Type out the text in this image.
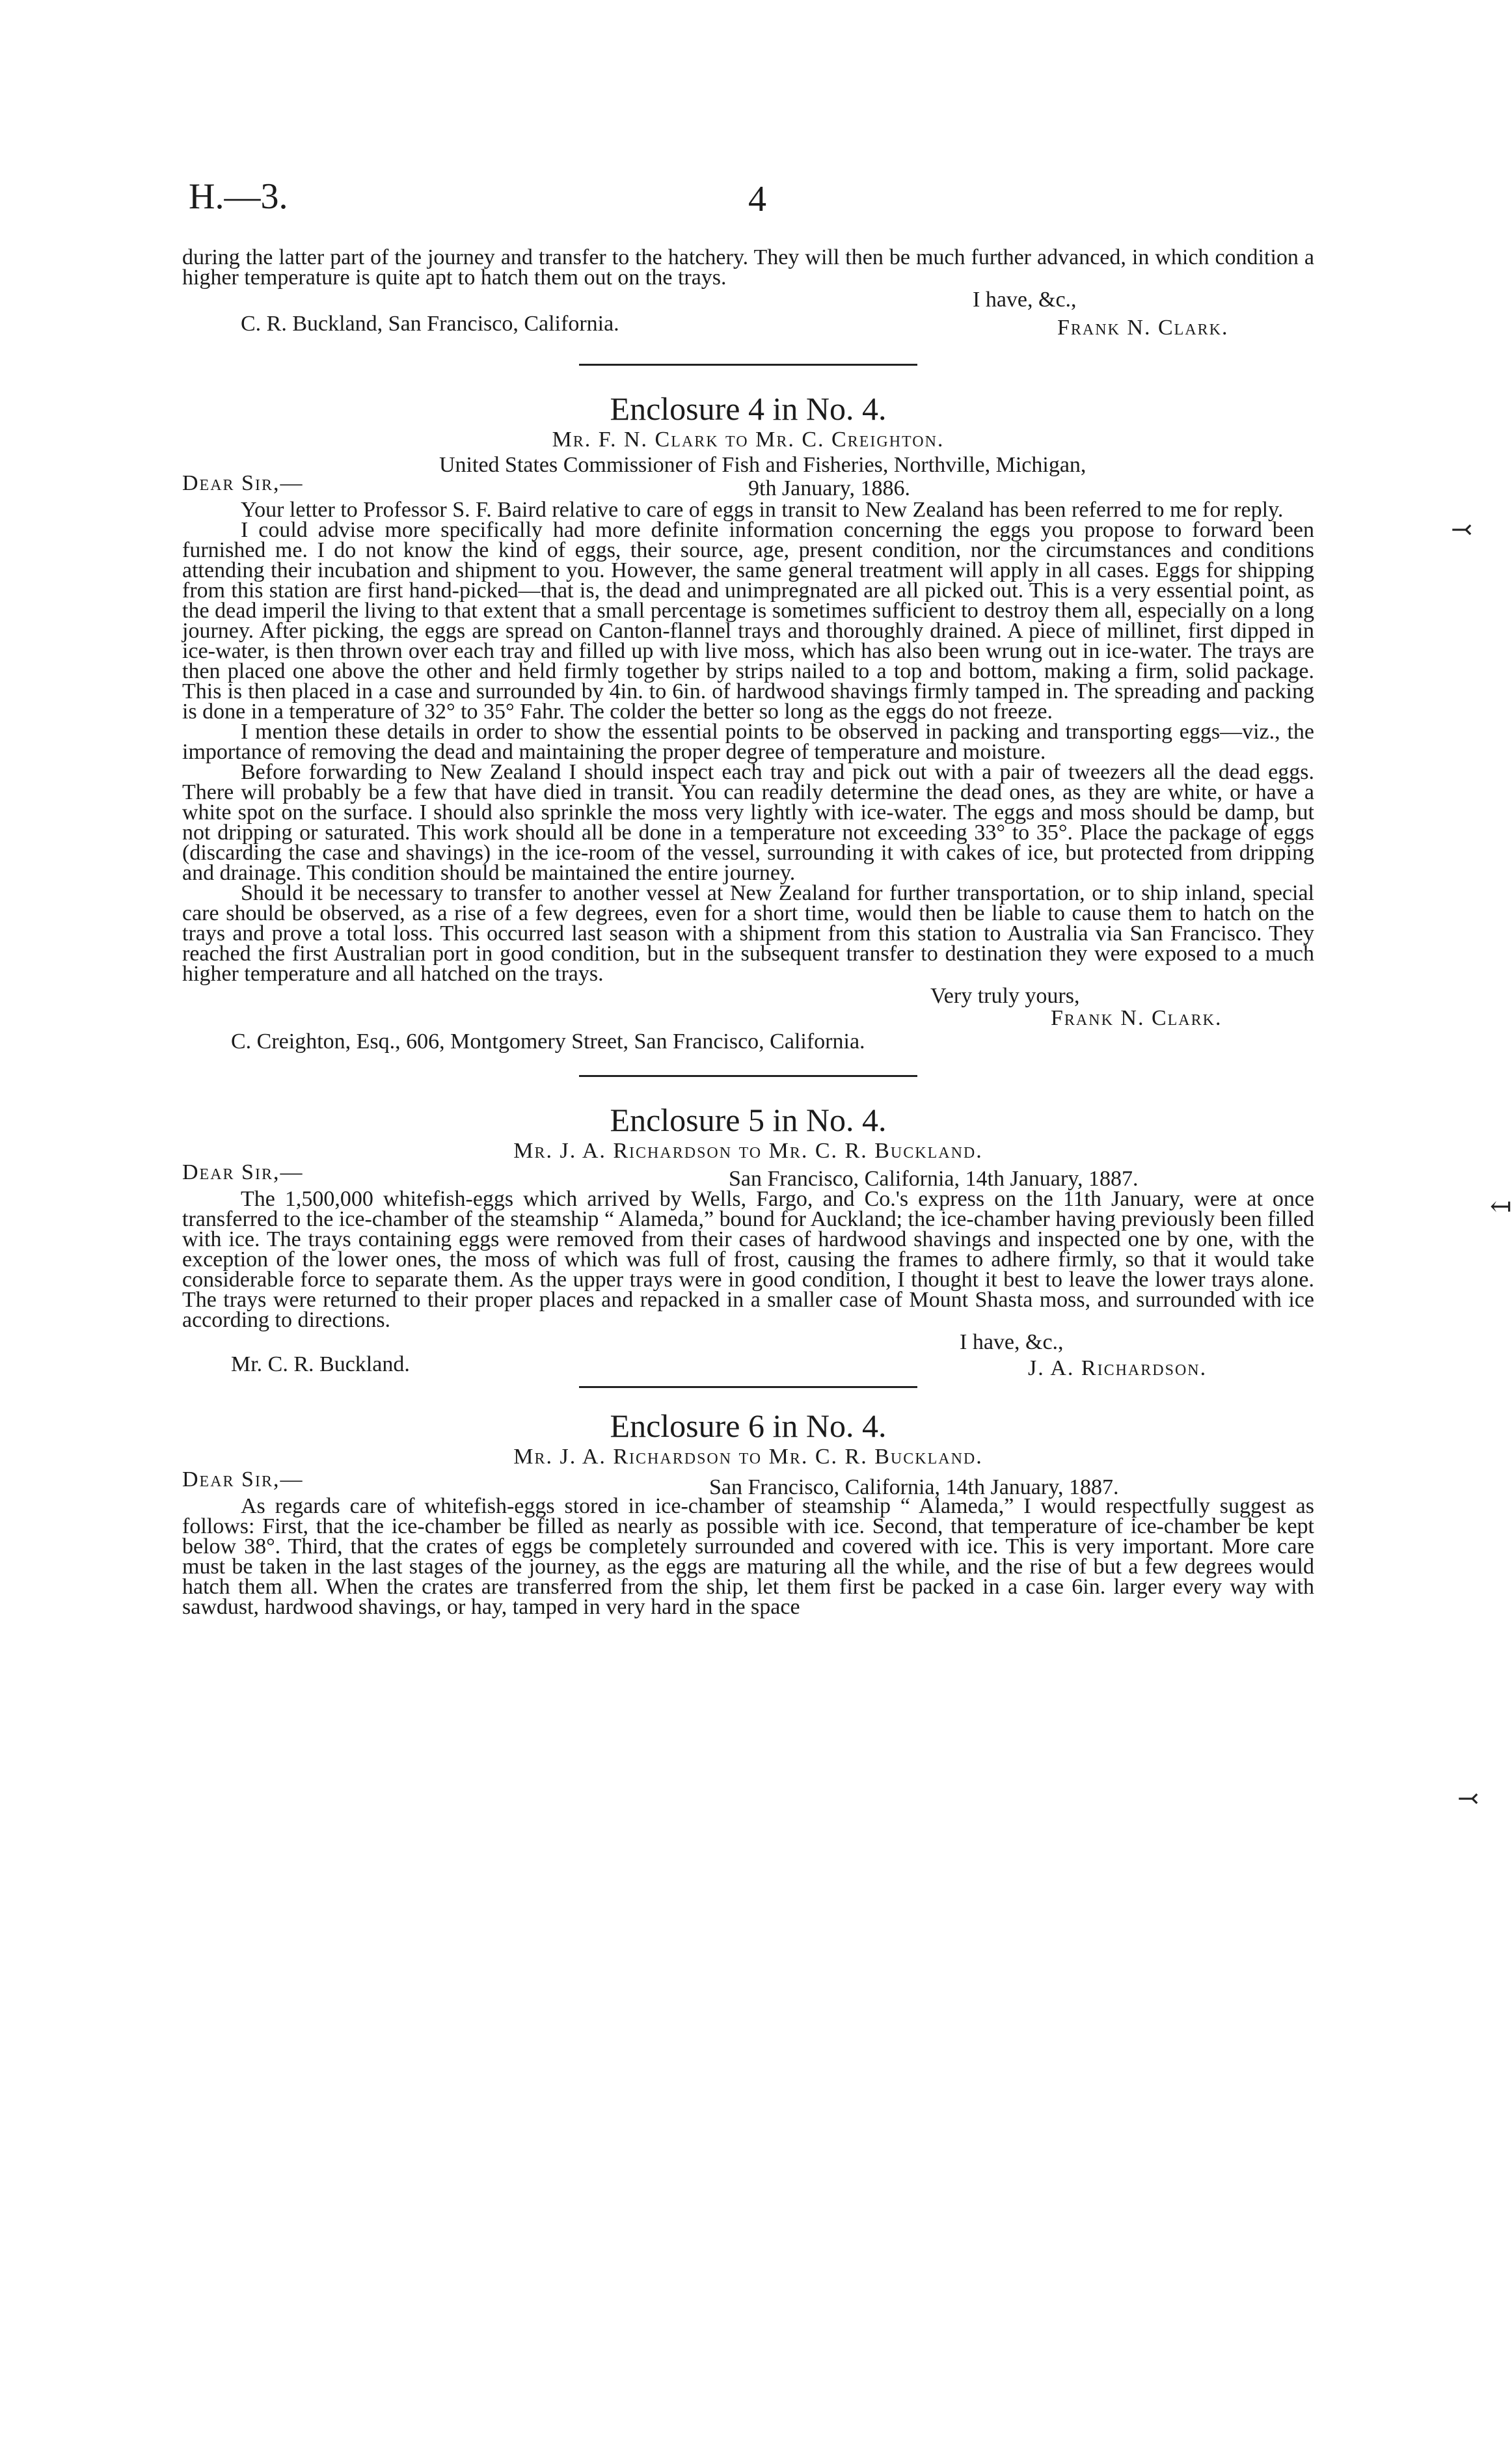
H.—3.	4
⤙
↤
⤙

during the latter part of the journey and transfer to the hatchery. They will then be much further advanced, in which condition a higher temperature is quite apt to hatch them out on the trays.

I have, &c.,
C. R. Buckland, San Francisco, California.	Frank N. Clark.
Enclosure 4 in No. 4.
Mr. F. N. Clark to Mr. C. Creighton.
United States Commissioner of Fish and Fisheries, Northville, Michigan,
Dear Sir,—	9th January, 1886.

Your letter to Professor S. F. Baird relative to care of eggs in transit to New Zealand has been referred to me for reply.

I could advise more specifically had more definite information concerning the eggs you propose to forward been furnished me. I do not know the kind of eggs, their source, age, present condition, nor the circumstances and conditions attending their incubation and shipment to you. However, the same general treatment will apply in all cases. Eggs for shipping from this station are first hand-picked—that is, the dead and unimpregnated are all picked out. This is a very essential point, as the dead imperil the living to that extent that a small percentage is sometimes sufficient to destroy them all, especially on a long journey. After picking, the eggs are spread on Canton-flannel trays and thoroughly drained. A piece of millinet, first dipped in ice-water, is then thrown over each tray and filled up with live moss, which has also been wrung out in ice-water. The trays are then placed one above the other and held firmly together by strips nailed to a top and bottom, making a firm, solid package. This is then placed in a case and surrounded by 4in. to 6in. of hardwood shavings firmly tamped in. The spreading and packing is done in a temperature of 32° to 35° Fahr. The colder the better so long as the eggs do not freeze.

I mention these details in order to show the essential points to be observed in packing and transporting eggs—viz., the importance of removing the dead and maintaining the proper degree of temperature and moisture.

Before forwarding to New Zealand I should inspect each tray and pick out with a pair of tweezers all the dead eggs. There will probably be a few that have died in transit. You can readily determine the dead ones, as they are white, or have a white spot on the surface. I should also sprinkle the moss very lightly with ice-water. The eggs and moss should be damp, but not dripping or saturated. This work should all be done in a temperature not exceeding 33° to 35°. Place the package of eggs (discarding the case and shavings) in the ice-room of the vessel, surrounding it with cakes of ice, but protected from dripping and drainage. This condition should be maintained the entire journey.

Should it be necessary to transfer to another vessel at New Zealand for further transportation, or to ship inland, special care should be observed, as a rise of a few degrees, even for a short time, would then be liable to cause them to hatch on the trays and prove a total loss. This occurred last season with a shipment from this station to Australia via San Francisco. They reached the first Australian port in good condition, but in the subsequent transfer to destination they were exposed to a much higher temperature and all hatched on the trays.

Very truly yours,
Frank N. Clark.
C. Creighton, Esq., 606, Montgomery Street, San Francisco, California.
Enclosure 5 in No. 4.
Mr. J. A. Richardson to Mr. C. R. Buckland.
Dear Sir,—	San Francisco, California, 14th January, 1887.

The 1,500,000 whitefish-eggs which arrived by Wells, Fargo, and Co.'s express on the 11th January, were at once transferred to the ice-chamber of the steamship “ Alameda,” bound for Auckland; the ice-chamber having previously been filled with ice. The trays containing eggs were removed from their cases of hardwood shavings and inspected one by one, with the exception of the lower ones, the moss of which was full of frost, causing the frames to adhere firmly, so that it would take considerable force to separate them. As the upper trays were in good condition, I thought it best to leave the lower trays alone. The trays were returned to their proper places and repacked in a smaller case of Mount Shasta moss, and surrounded with ice according to directions.

I have, &c.,
Mr. C. R. Buckland.	J. A. Richardson.
Enclosure 6 in No. 4.
Mr. J. A. Richardson to Mr. C. R. Buckland.
Dear Sir,—	San Francisco, California, 14th January, 1887.

As regards care of whitefish-eggs stored in ice-chamber of steamship “ Alameda,” I would respectfully suggest as follows: First, that the ice-chamber be filled as nearly as possible with ice. Second, that temperature of ice-chamber be kept below 38°. Third, that the crates of eggs be completely surrounded and covered with ice. This is very important. More care must be taken in the last stages of the journey, as the eggs are maturing all the while, and the rise of but a few degrees would hatch them all. When the crates are transferred from the ship, let them first be packed in a case 6in. larger every way with sawdust, hardwood shavings, or hay, tamped in very hard in the space
